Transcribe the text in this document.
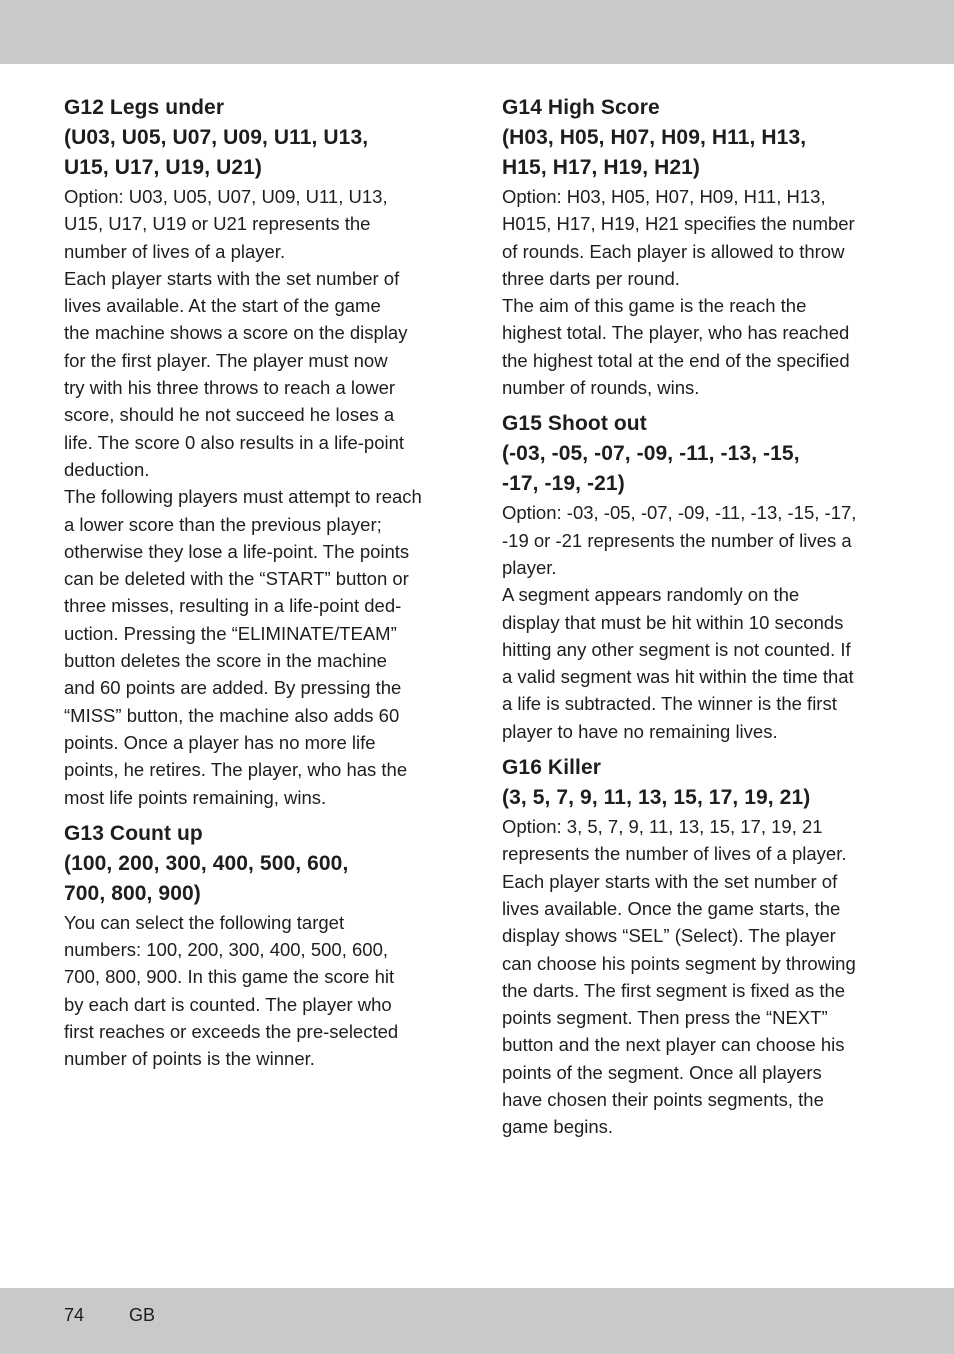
G12 Legs under
(U03, U05, U07, U09, U11, U13,
U15, U17, U19, U21)

Option: U03, U05, U07, U09, U11, U13,
U15, U17, U19 or U21 represents the
number of lives of a player.
Each player starts with the set number of
lives available. At the start of the game
the machine shows a score on the display
for the first player. The player must now
try with his three throws to reach a lower
score, should he not succeed he loses a
life. The score 0 also results in a life-point
deduction.
The following players must attempt to reach
a lower score than the previous player;
otherwise they lose a life-point. The points
can be deleted with the “START” button or
three misses, resulting in a life-point ded-
uction. Pressing the “ELIMINATE/TEAM”
button deletes the score in the machine
and 60 points are added. By pressing the
“MISS” button, the machine also adds 60
points. Once a player has no more life
points, he retires. The player, who has the
most life points remaining, wins.

G13 Count up
(100, 200, 300, 400, 500, 600,
700, 800, 900)

You can select the following target
numbers: 100, 200, 300, 400, 500, 600,
700, 800, 900. In this game the score hit
by each dart is counted. The player who
first reaches or exceeds the pre-selected
number of points is the winner.

G14 High Score
(H03, H05, H07, H09, H11, H13,
H15, H17, H19, H21)

Option: H03, H05, H07, H09, H11, H13,
H015, H17, H19, H21 specifies the number
of rounds. Each player is allowed to throw
three darts per round.
The aim of this game is the reach the
highest total. The player, who has reached
the highest total at the end of the specified
number of rounds, wins.

G15 Shoot out
(-03, -05, -07, -09, -11, -13, -15,
-17, -19, -21)

Option: -03, -05, -07, -09, -11, -13, -15, -17,
-19 or -21 represents the number of lives a
player.
A segment appears randomly on the
display that must be hit within 10 seconds
hitting any other segment is not counted. If
a valid segment was hit within the time that
a life is subtracted. The winner is the first
player to have no remaining lives.

G16 Killer
(3, 5, 7, 9, 11, 13, 15, 17, 19, 21)

Option: 3, 5, 7, 9, 11, 13, 15, 17, 19, 21
represents the number of lives of a player.
Each player starts with the set number of
lives available. Once the game starts, the
display shows “SEL” (Select). The player
can choose his points segment by throwing
the darts. The first segment is fixed as the
points segment. Then press the “NEXT”
button and the next player can choose his
points of the segment. Once all players
have chosen their points segments, the
game begins.

74 GB
